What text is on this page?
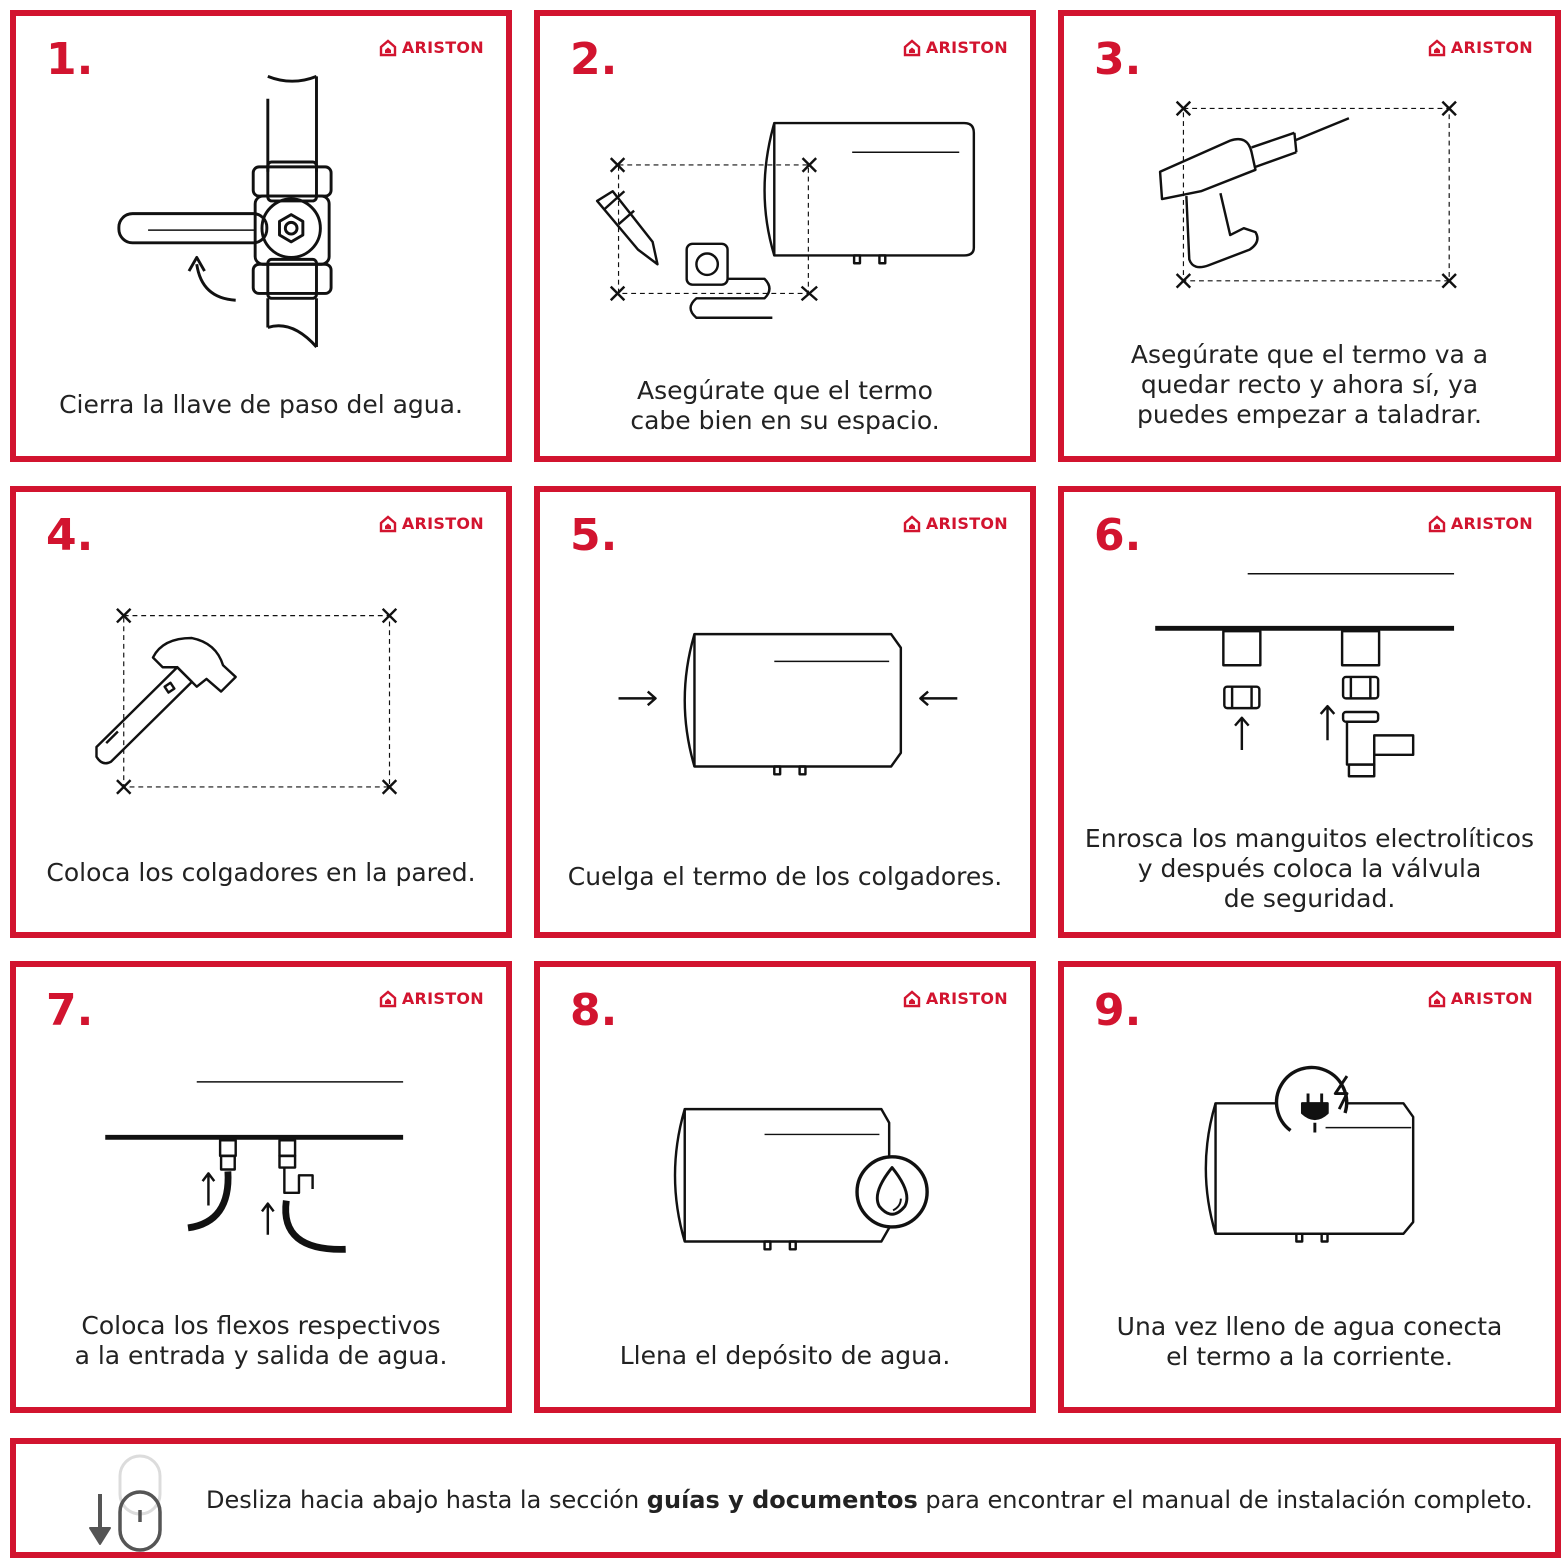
1.	ARISTON
Cierra la llave de paso del agua.
2.	ARISTON
Asegúrate que el termo
cabe bien en su espacio.
3.	ARISTON
Asegúrate que el termo va a
quedar recto y ahora sí, ya
puedes empezar a taladrar.
4.	ARISTON
Coloca los colgadores en la pared.
5.	ARISTON
Cuelga el termo de los colgadores.
6.	ARISTON
Enrosca los manguitos electrolíticos
y después coloca la válvula
de seguridad.
7.	ARISTON
Coloca los flexos respectivos
a la entrada y salida de agua.
8.	ARISTON
Llena el depósito de agua.
9.	ARISTON
Una vez lleno de agua conecta
el termo a la corriente.
Desliza hacia abajo hasta la sección guías y documentos para encontrar el manual de instalación completo.
